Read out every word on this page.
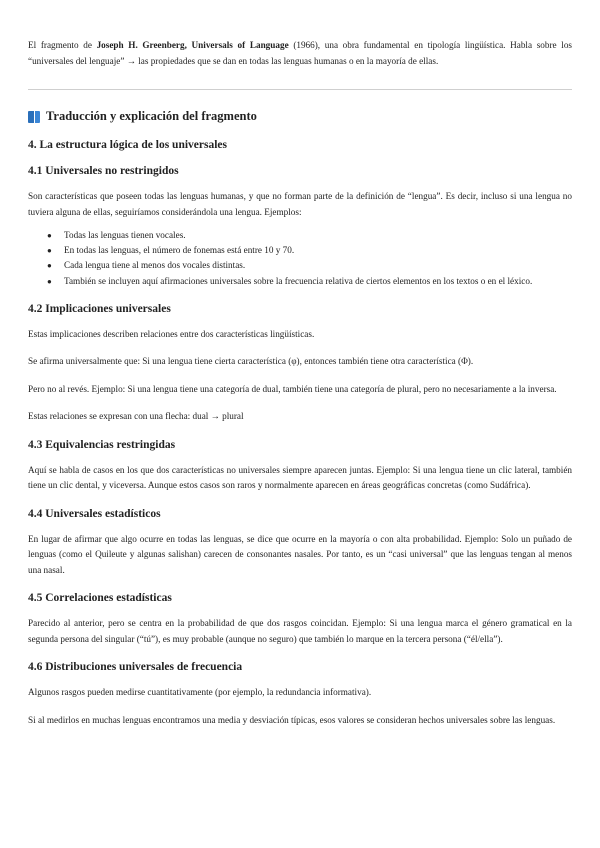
El fragmento de Joseph H. Greenberg, Universals of Language (1966), una obra fundamental en tipología lingüística. Habla sobre los “universales del lenguaje” → las propiedades que se dan en todas las lenguas humanas o en la mayoría de ellas.

Traducción y explicación del fragmento
4. La estructura lógica de los universales
4.1 Universales no restringidos

Son características que poseen todas las lenguas humanas, y que no forman parte de la definición de “lengua”. Es decir, incluso si una lengua no tuviera alguna de ellas, seguiríamos considerándola una lengua. Ejemplos:

● Todas las lenguas tienen vocales.
● En todas las lenguas, el número de fonemas está entre 10 y 70.
● Cada lengua tiene al menos dos vocales distintas.
● También se incluyen aquí afirmaciones universales sobre la frecuencia relativa de ciertos elementos en los textos o en el léxico.
4.2 Implicaciones universales

Estas implicaciones describen relaciones entre dos características lingüísticas.

Se afirma universalmente que: Si una lengua tiene cierta característica (φ), entonces también tiene otra característica (Φ).

Pero no al revés. Ejemplo: Si una lengua tiene una categoría de dual, también tiene una categoría de plural, pero no necesariamente a la inversa.

Estas relaciones se expresan con una flecha: dual → plural

4.3 Equivalencias restringidas

Aquí se habla de casos en los que dos características no universales siempre aparecen juntas. Ejemplo: Si una lengua tiene un clic lateral, también tiene un clic dental, y viceversa. Aunque estos casos son raros y normalmente aparecen en áreas geográficas concretas (como Sudáfrica).

4.4 Universales estadísticos

En lugar de afirmar que algo ocurre en todas las lenguas, se dice que ocurre en la mayoría o con alta probabilidad. Ejemplo: Solo un puñado de lenguas (como el Quileute y algunas salishan) carecen de consonantes nasales. Por tanto, es un “casi universal” que las lenguas tengan al menos una nasal.

4.5 Correlaciones estadísticas

Parecido al anterior, pero se centra en la probabilidad de que dos rasgos coincidan. Ejemplo: Si una lengua marca el género gramatical en la segunda persona del singular (“tú”), es muy probable (aunque no seguro) que también lo marque en la tercera persona (“él/ella”).

4.6 Distribuciones universales de frecuencia

Algunos rasgos pueden medirse cuantitativamente (por ejemplo, la redundancia informativa).

Si al medirlos en muchas lenguas encontramos una media y desviación típicas, esos valores se consideran hechos universales sobre las lenguas.
